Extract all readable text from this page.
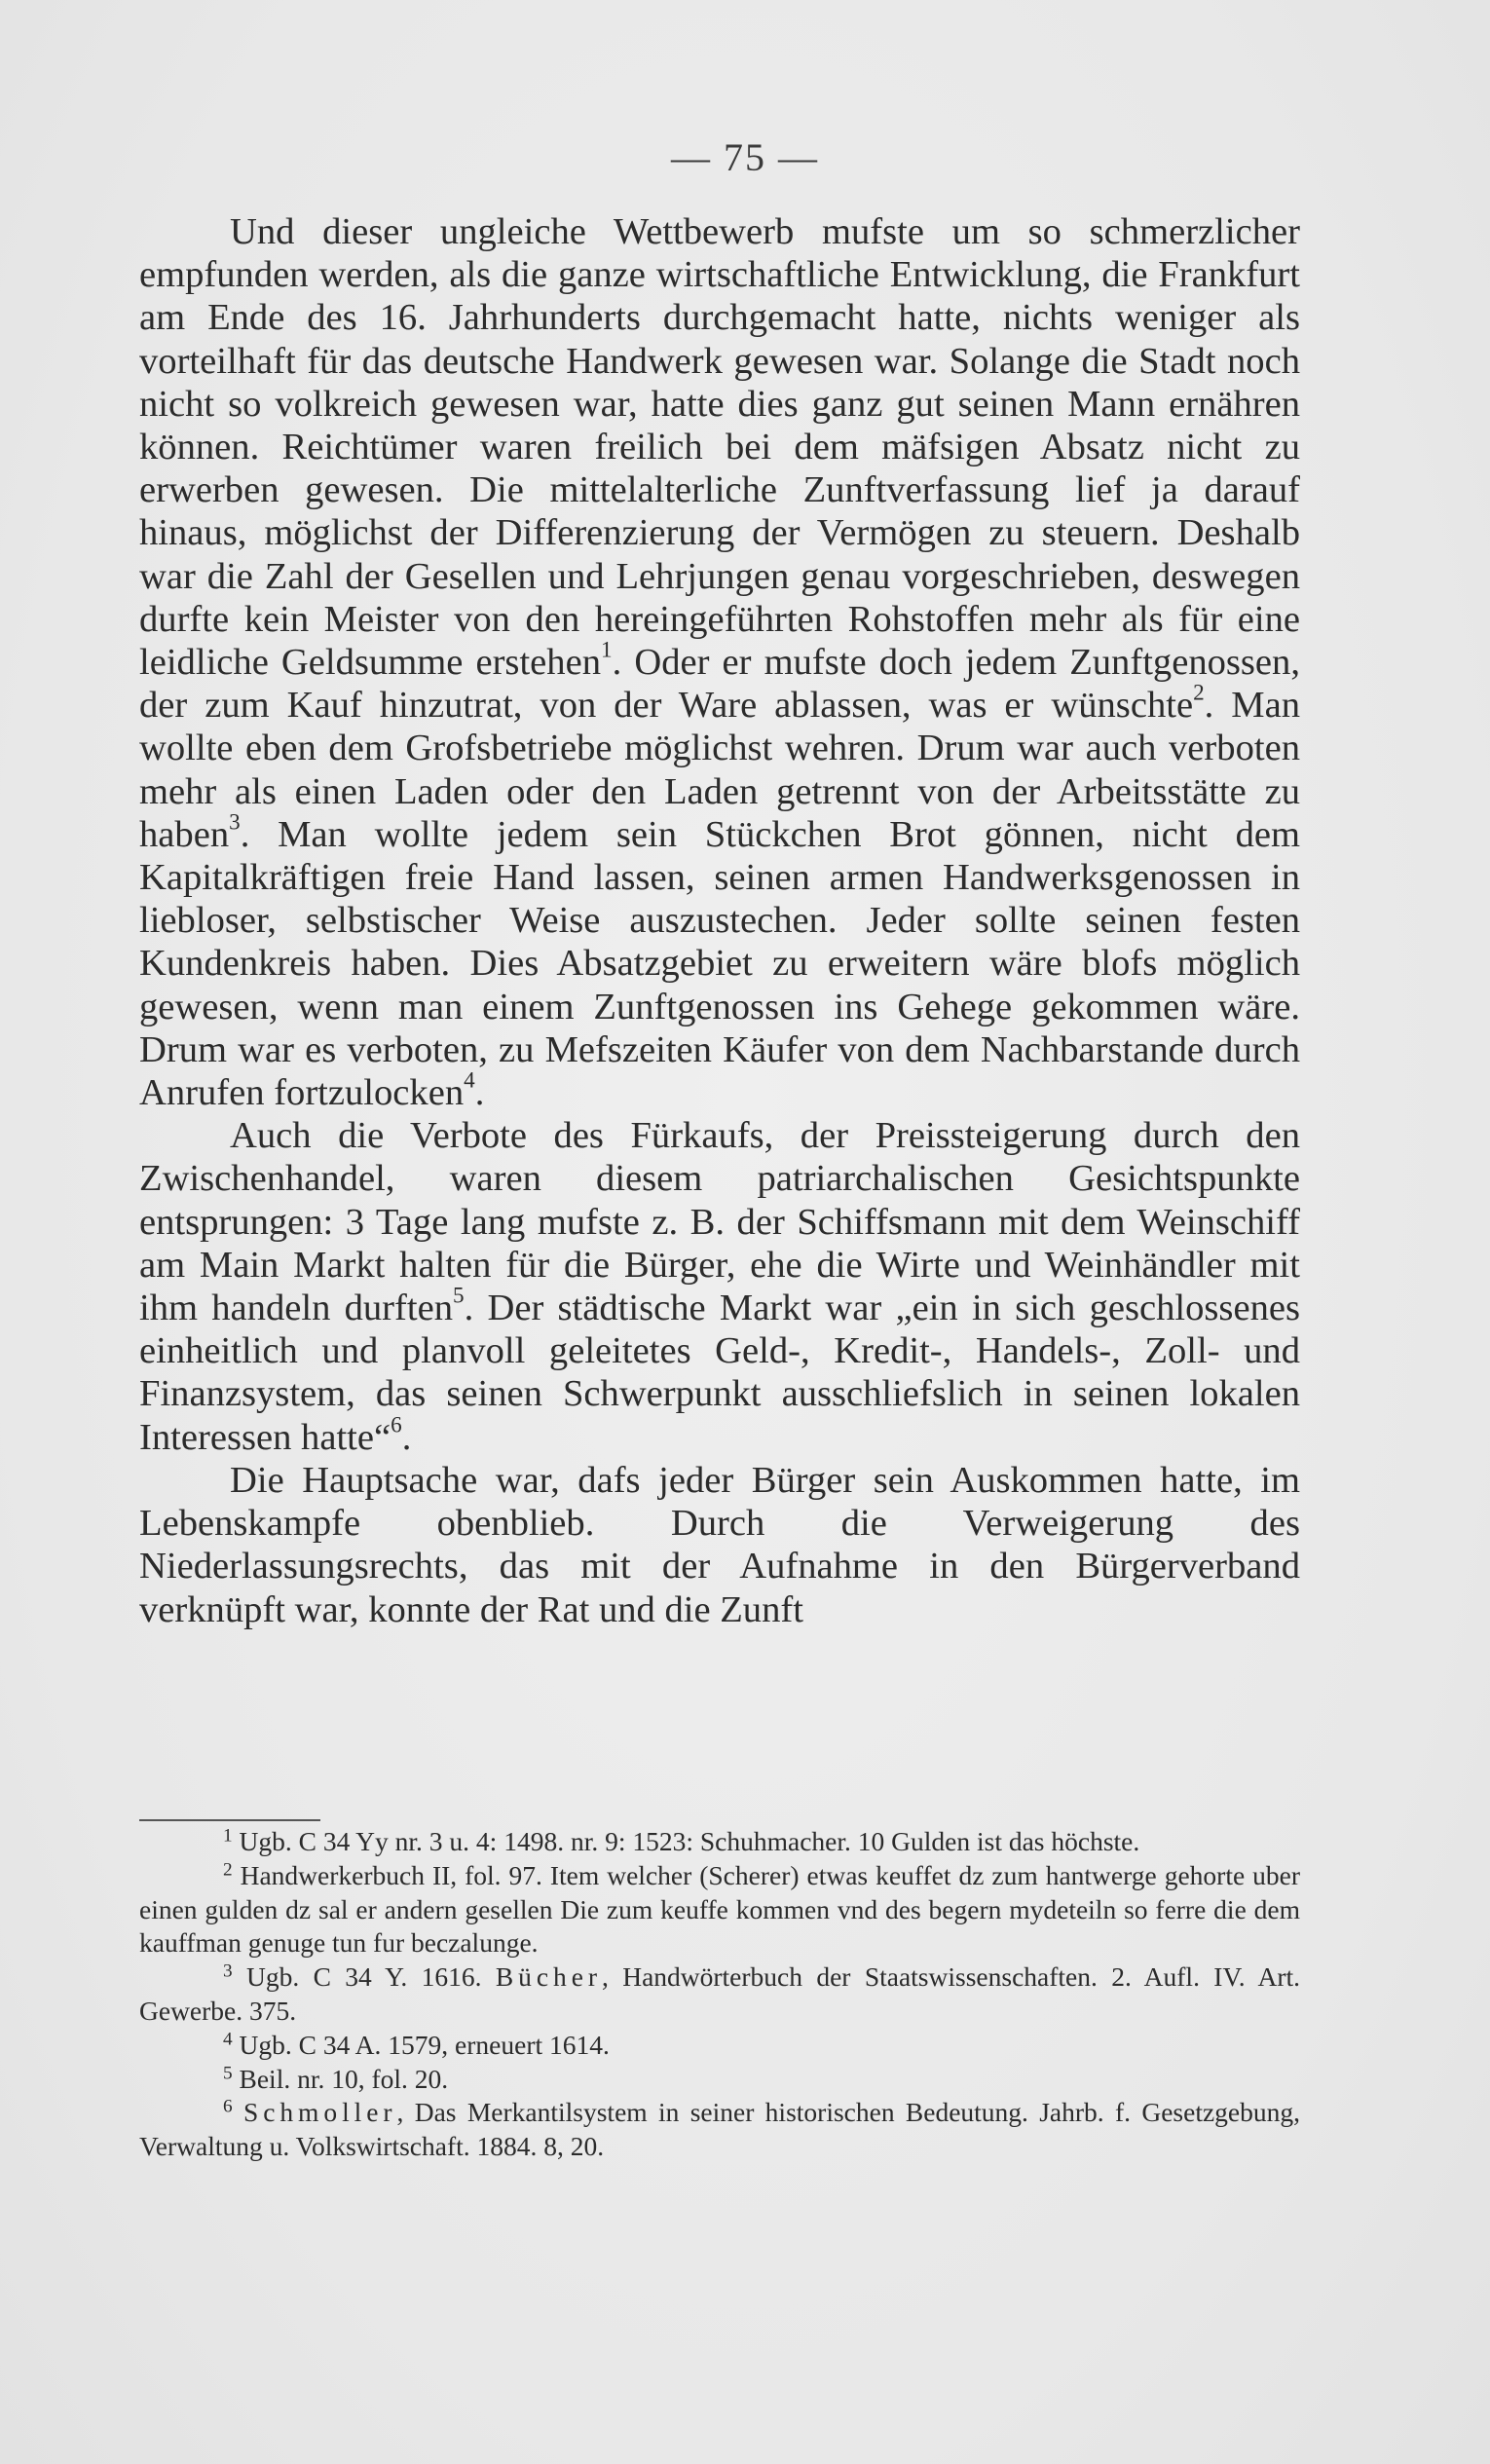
— 75 —

Und dieser ungleiche Wettbewerb mufste um so schmerzlicher empfunden werden, als die ganze wirtschaftliche Entwicklung, die Frankfurt am Ende des 16. Jahrhunderts durchgemacht hatte, nichts weniger als vorteilhaft für das deutsche Handwerk gewesen war. Solange die Stadt noch nicht so volkreich gewesen war, hatte dies ganz gut seinen Mann ernähren können. Reichtümer waren freilich bei dem mäfsigen Absatz nicht zu erwerben gewesen. Die mittelalterliche Zunftverfassung lief ja darauf hinaus, möglichst der Differenzierung der Vermögen zu steuern. Deshalb war die Zahl der Gesellen und Lehrjungen genau vorgeschrieben, deswegen durfte kein Meister von den hereingeführten Rohstoffen mehr als für eine leidliche Geldsumme erstehen$^1$. Oder er mufste doch jedem Zunftgenossen, der zum Kauf hinzutrat, von der Ware ablassen, was er wünschte$^2$. Man wollte eben dem Grofsbetriebe möglichst wehren. Drum war auch verboten mehr als einen Laden oder den Laden getrennt von der Arbeitsstätte zu haben$^3$. Man wollte jedem sein Stückchen Brot gönnen, nicht dem Kapitalkräftigen freie Hand lassen, seinen armen Handwerksgenossen in liebloser, selbstischer Weise auszustechen. Jeder sollte seinen festen Kundenkreis haben. Dies Absatzgebiet zu erweitern wäre blofs möglich gewesen, wenn man einem Zunftgenossen ins Gehege gekommen wäre. Drum war es verboten, zu Mefszeiten Käufer von dem Nachbarstande durch Anrufen fortzulocken$^4$.

Auch die Verbote des Fürkaufs, der Preissteigerung durch den Zwischenhandel, waren diesem patriarchalischen Gesichtspunkte entsprungen: 3 Tage lang mufste z. B. der Schiffsmann mit dem Weinschiff am Main Markt halten für die Bürger, ehe die Wirte und Weinhändler mit ihm handeln durften$^5$. Der städtische Markt war „ein in sich geschlossenes einheitlich und planvoll geleitetes Geld-, Kredit-, Handels-, Zoll- und Finanzsystem, das seinen Schwerpunkt ausschliefslich in seinen lokalen Interessen hatte“$^6$.

Die Hauptsache war, dafs jeder Bürger sein Auskommen hatte, im Lebenskampfe obenblieb. Durch die Verweigerung des Niederlassungsrechts, das mit der Aufnahme in den Bürgerverband verknüpft war, konnte der Rat und die Zunft

$^1$ Ugb. C 34 Yy nr. 3 u. 4: 1498. nr. 9: 1523: Schuhmacher. 10 Gulden ist das höchste.

$^2$ Handwerkerbuch II, fol. 97. Item welcher (Scherer) etwas keuffet dz zum hantwerge gehorte uber einen gulden dz sal er andern gesellen Die zum keuffe kommen vnd des begern mydeteiln so ferre die dem kauffman genuge tun fur beczalunge.

$^3$ Ugb. C 34 Y. 1616. Bücher, Handwörterbuch der Staatswissenschaften. 2. Aufl. IV. Art. Gewerbe. 375.

$^4$ Ugb. C 34 A. 1579, erneuert 1614.

$^5$ Beil. nr. 10, fol. 20.

$^6$ Schmoller, Das Merkantilsystem in seiner historischen Bedeutung. Jahrb. f. Gesetzgebung, Verwaltung u. Volkswirtschaft. 1884. 8, 20.
